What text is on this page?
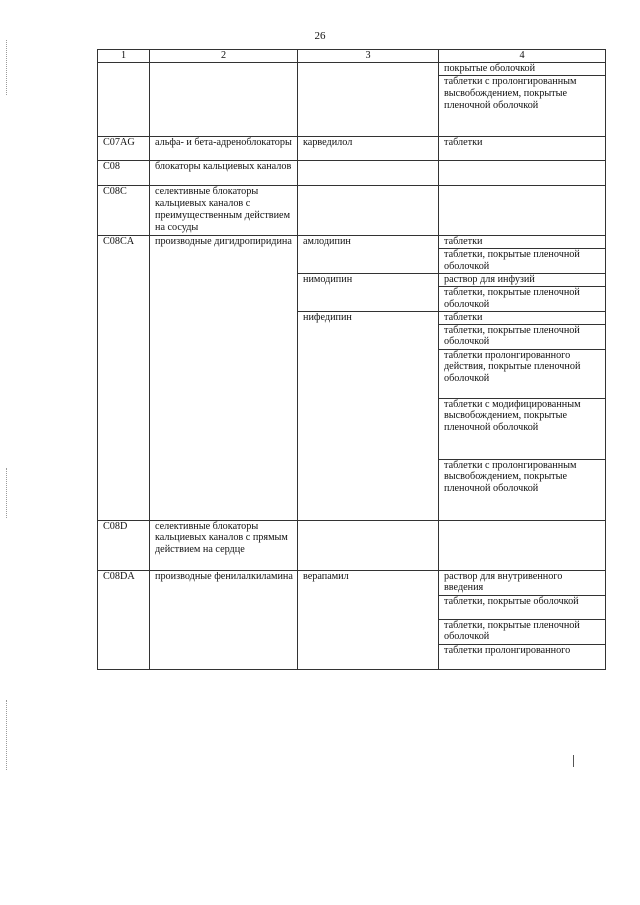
26
1	2	3	4
			покрытые оболочкой
			таблетки с пролонгированным высвобождением, покрытые пленочной оболочкой
C07AG	альфа- и бета-адреноблокаторы	карведилол	таблетки
C08	блокаторы кальциевых каналов		
C08C	селективные блокаторы кальциевых каналов с преимущественным действием на сосуды		
C08CA	производные дигидропиридина	амлодипин	таблетки
			таблетки, покрытые пленочной оболочкой
		нимодипин	раствор для инфузий
			таблетки, покрытые пленочной оболочкой
		нифедипин	таблетки
			таблетки, покрытые пленочной оболочкой
			таблетки пролонгированного действия, покрытые пленочной оболочкой
			таблетки с модифицированным высвобождением, покрытые пленочной оболочкой
			таблетки с пролонгированным высвобождением, покрытые пленочной оболочкой
C08D	селективные блокаторы кальциевых каналов с прямым действием на сердце		
C08DA	производные фенилалкиламина	верапамил	раствор для внутривенного введения
			таблетки, покрытые оболочкой
			таблетки, покрытые пленочной оболочкой
			таблетки пролонгированного
